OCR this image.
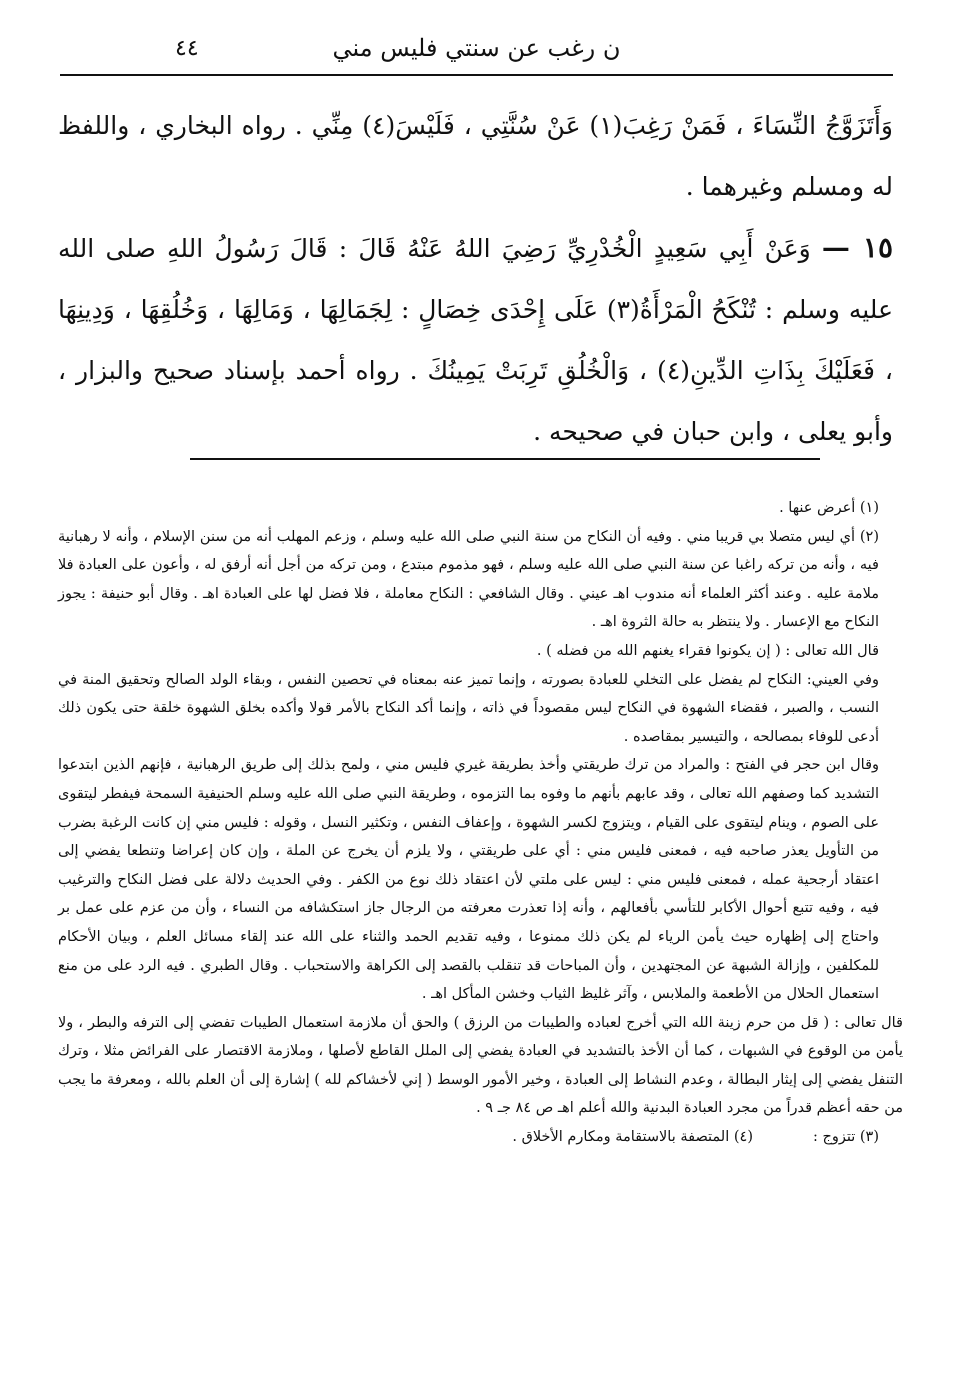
ن رغب عن سنتي فليس مني
٤٤

وَأَتَزَوَّجُ النِّسَاءَ ، فَمَنْ رَغِبَ(١) عَنْ سُنَّتِي ، فَلَيْسَ(٤) مِنِّي . رواه البخاري ، واللفظ له ومسلم وغيرهما .

١٥ — وَعَنْ أَبِي سَعِيدٍ الْخُدْرِيِّ رَضِيَ اللهُ عَنْهُ قَالَ : قَالَ رَسُولُ اللهِ صلى الله عليه وسلم : تُنْكَحُ الْمَرْأَةُ(٣) عَلَى إِحْدَى خِصَالٍ : لِجَمَالِهَا ، وَمَالِهَا ، وَخُلُقِهَا ، وَدِينِهَا ، فَعَلَيْكَ بِذَاتِ الدِّينِ(٤) ، وَالْخُلُقِ تَرِبَتْ يَمِينُكَ . رواه أحمد بإسناد صحيح والبزار ، وأبو يعلى ، وابن حبان في صحيحه .

(١) أعرض عنها .

(٢) أي ليس متصلا بي قريبا مني . وفيه أن النكاح من سنة النبي صلى الله عليه وسلم ، وزعم المهلب أنه من سنن الإسلام ، وأنه لا رهبانية فيه ، وأنه من تركه راغبا عن سنة النبي صلى الله عليه وسلم ، فهو مذموم مبتدع ، ومن تركه من أجل أنه أرفق له ، وأعون على العبادة فلا ملامة عليه . وعند أكثر العلماء أنه مندوب اهـ عيني . وقال الشافعي : النكاح معاملة ، فلا فضل لها على العبادة اهـ . وقال أبو حنيفة : يجوز النكاح مع الإعسار . ولا ينتظر به حالة الثروة اهـ .

قال الله تعالى : ( إن يكونوا فقراء يغنهم الله من فضله ) .

وفي العيني: النكاح لم يفضل على التخلي للعبادة بصورته ، وإنما تميز عنه بمعناه في تحصين النفس ، وبقاء الولد الصالح وتحقيق المنة في النسب ، والصبر ، فقضاء الشهوة في النكاح ليس مقصوداً في ذاته ، وإنما أكد النكاح بالأمر قولا وأكده بخلق الشهوة خلقة حتى يكون ذلك أدعى للوفاء بمصالحه ، والتيسير بمقاصده .

وقال ابن حجر في الفتح : والمراد من ترك طريقتي وأخذ بطريقة غيري فليس مني ، ولمح بذلك إلى طريق الرهبانية ، فإنهم الذين ابتدعوا التشديد كما وصفهم الله تعالى ، وقد عابهم بأنهم ما وفوه بما التزموه ، وطريقة النبي صلى الله عليه وسلم الحنيفية السمحة فيفطر ليتقوى على الصوم ، وينام ليتقوى على القيام ، ويتزوج لكسر الشهوة ، وإعفاف النفس ، وتكثير النسل ، وقوله : فليس مني إن كانت الرغبة بضرب من التأويل يعذر صاحبه فيه ، فمعنى فليس مني : أي على طريقتي ، ولا يلزم أن يخرج عن الملة ، وإن كان إعراضا وتنطعا يفضي إلى اعتقاد أرجحية عمله ، فمعنى فليس مني : ليس على ملتي لأن اعتقاد ذلك نوع من الكفر . وفي الحديث دلالة على فضل النكاح والترغيب فيه ، وفيه تتبع أحوال الأكابر للتأسي بأفعالهم ، وأنه إذا تعذرت معرفته من الرجال جاز استكشافه من النساء ، وأن من عزم على عمل بر واحتاج إلى إظهاره حيث يأمن الرياء لم يكن ذلك ممنوعا ، وفيه تقديم الحمد والثناء على الله عند إلقاء مسائل العلم ، وبيان الأحكام للمكلفين ، وإزالة الشبهة عن المجتهدين ، وأن المباحات قد تنقلب بالقصد إلى الكراهة والاستحباب . وقال الطبري . فيه الرد على من منع استعمال الحلال من الأطعمة والملابس ، وآثر غليظ الثياب وخشن المأكل اهـ .

قال تعالى : ( قل من حرم زينة الله التي أخرج لعباده والطيبات من الرزق ) والحق أن ملازمة استعمال الطيبات تفضي إلى الترفه والبطر ، ولا يأمن من الوقوع في الشبهات ، كما أن الأخذ بالتشديد في العبادة يفضي إلى الملل القاطع لأصلها ، وملازمة الاقتصار على الفرائض مثلا ، وترك التنفل يفضي إلى إيثار البطالة ، وعدم النشاط إلى العبادة ، وخير الأمور الوسط ( إني لأخشاكم لله ) إشارة إلى أن العلم بالله ، ومعرفة ما يجب من حقه أعظم قدراً من مجرد العبادة البدنية والله أعلم اهـ ص ٨٤ جـ ٩ .

(٣) تتزوج :
(٤) المتصفة بالاستقامة ومكارم الأخلاق .
